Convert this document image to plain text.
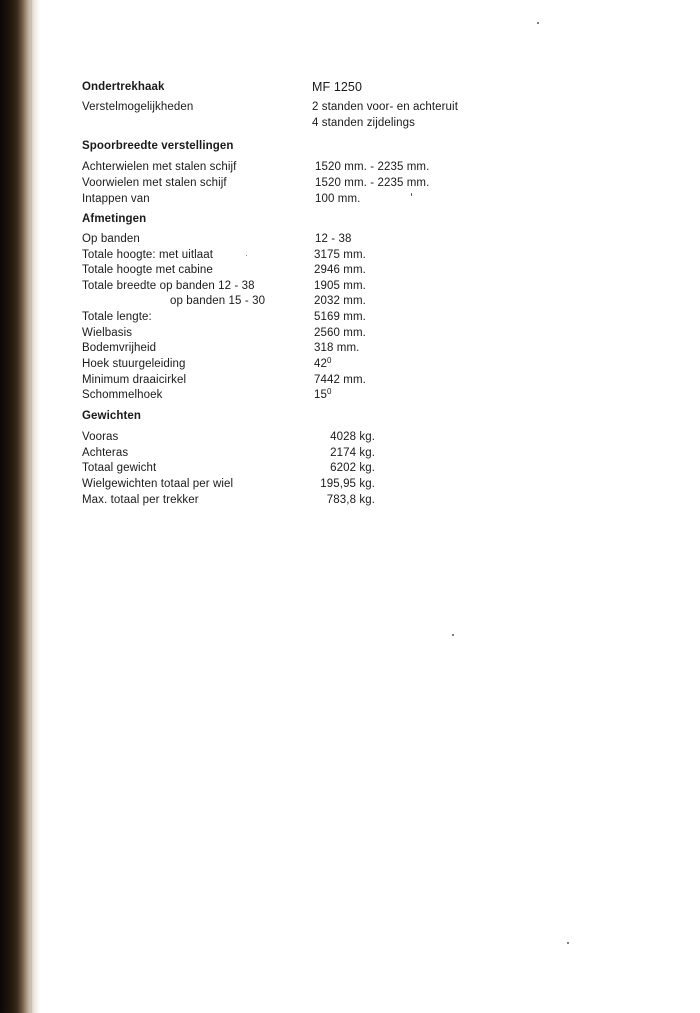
Ondertrekhaak	MF 1250
Verstelmogelijkheden	2 standen voor- en achteruit
4 standen zijdelings
Spoorbreedte verstellingen
Achterwielen met stalen schijf	1520 mm. - 2235 mm.
Voorwielen met stalen schijf	1520 mm. - 2235 mm.
Intappen van	100 mm.
Afmetingen
Op banden	12 - 38
Totale hoogte: met uitlaat	3175 mm.
Totale hoogte met cabine	2946 mm.
Totale breedte op banden 12 - 38	1905 mm.
op banden 15 - 30	2032 mm.
Totale lengte:	5169 mm.
Wielbasis	2560 mm.
Bodemvrijheid	318 mm.
Hoek stuurgeleiding	$42^0$
Minimum draaicirkel	7442 mm.
Schommelhoek	$15^0$
Gewichten
Vooras	4028 kg.
Achteras	2174 kg.
Totaal gewicht	6202 kg.
Wielgewichten totaal per wiel	195,95 kg.
Max. totaal per trekker	783,8 kg.
